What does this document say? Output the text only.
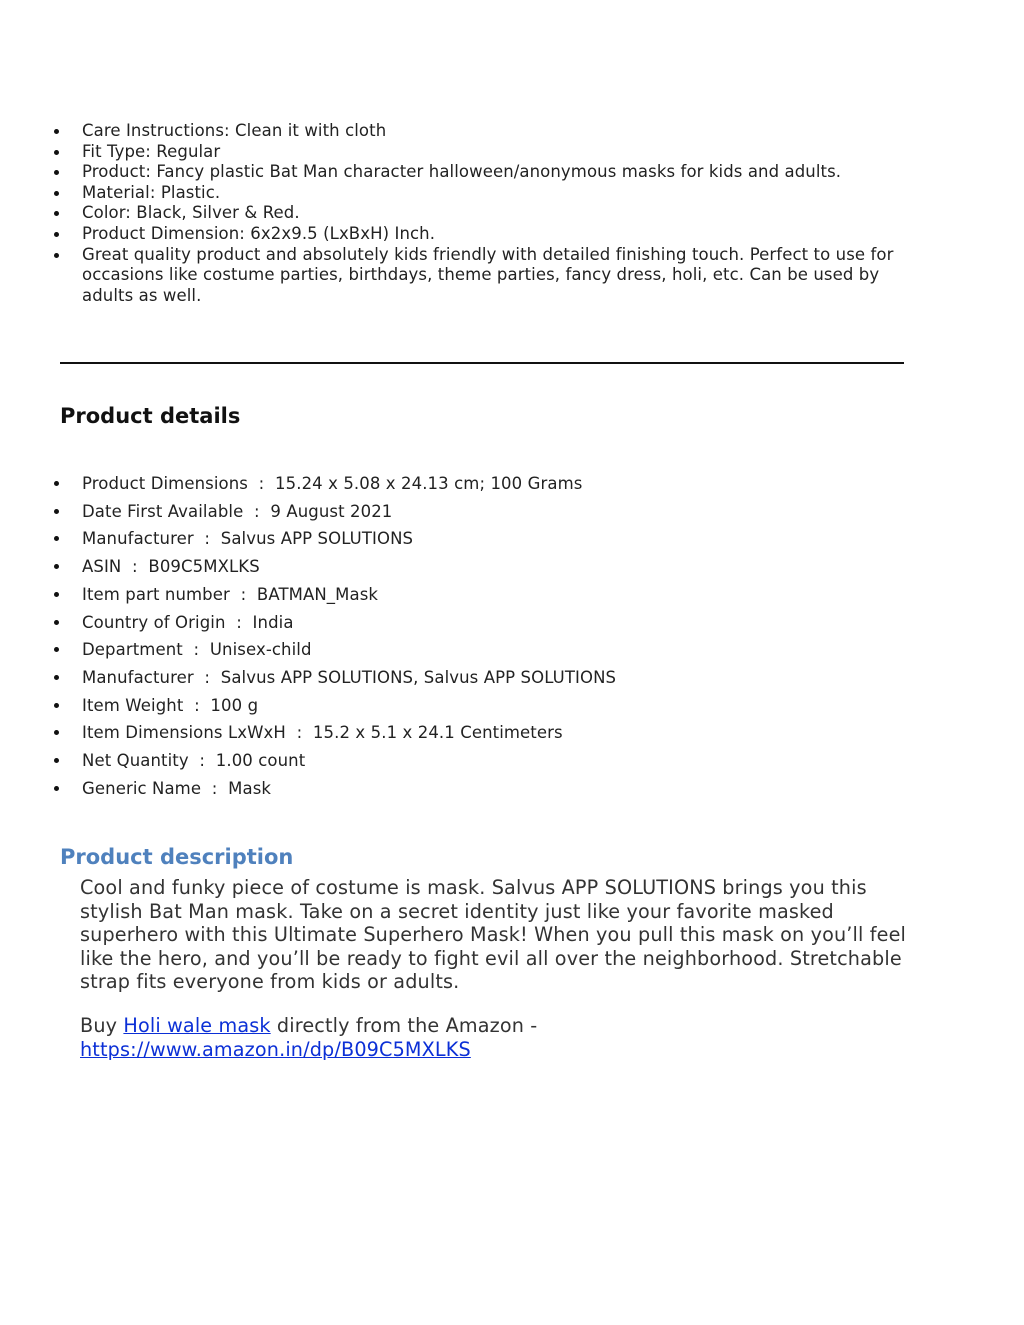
Care Instructions: Clean it with cloth
Fit Type: Regular
Product: Fancy plastic Bat Man character halloween/anonymous masks for kids and adults.
Material: Plastic.
Color: Black, Silver & Red.
Product Dimension: 6x2x9.5 (LxBxH) Inch.
Great quality product and absolutely kids friendly with detailed finishing touch. Perfect to use for occasions like costume parties, birthdays, theme parties, fancy dress, holi, etc. Can be used by adults as well.
Product details
Product Dimensions  :  15.24 x 5.08 x 24.13 cm; 100 Grams
Date First Available  :  9 August 2021
Manufacturer  :  Salvus APP SOLUTIONS
ASIN  :  B09C5MXLKS
Item part number  :  BATMAN_Mask
Country of Origin  :  India
Department  :  Unisex-child
Manufacturer  :  Salvus APP SOLUTIONS, Salvus APP SOLUTIONS
Item Weight  :  100 g
Item Dimensions LxWxH  :  15.2 x 5.1 x 24.1 Centimeters
Net Quantity  :  1.00 count
Generic Name  :  Mask
Product description

Cool and funky piece of costume is mask. Salvus APP SOLUTIONS brings you this stylish Bat Man mask. Take on a secret identity just like your favorite masked superhero with this Ultimate Superhero Mask! When you pull this mask on you’ll feel like the hero, and you’ll be ready to fight evil all over the neighborhood. Stretchable strap fits everyone from kids or adults.

Buy Holi wale mask directly from the Amazon -
https://www.amazon.in/dp/B09C5MXLKS
